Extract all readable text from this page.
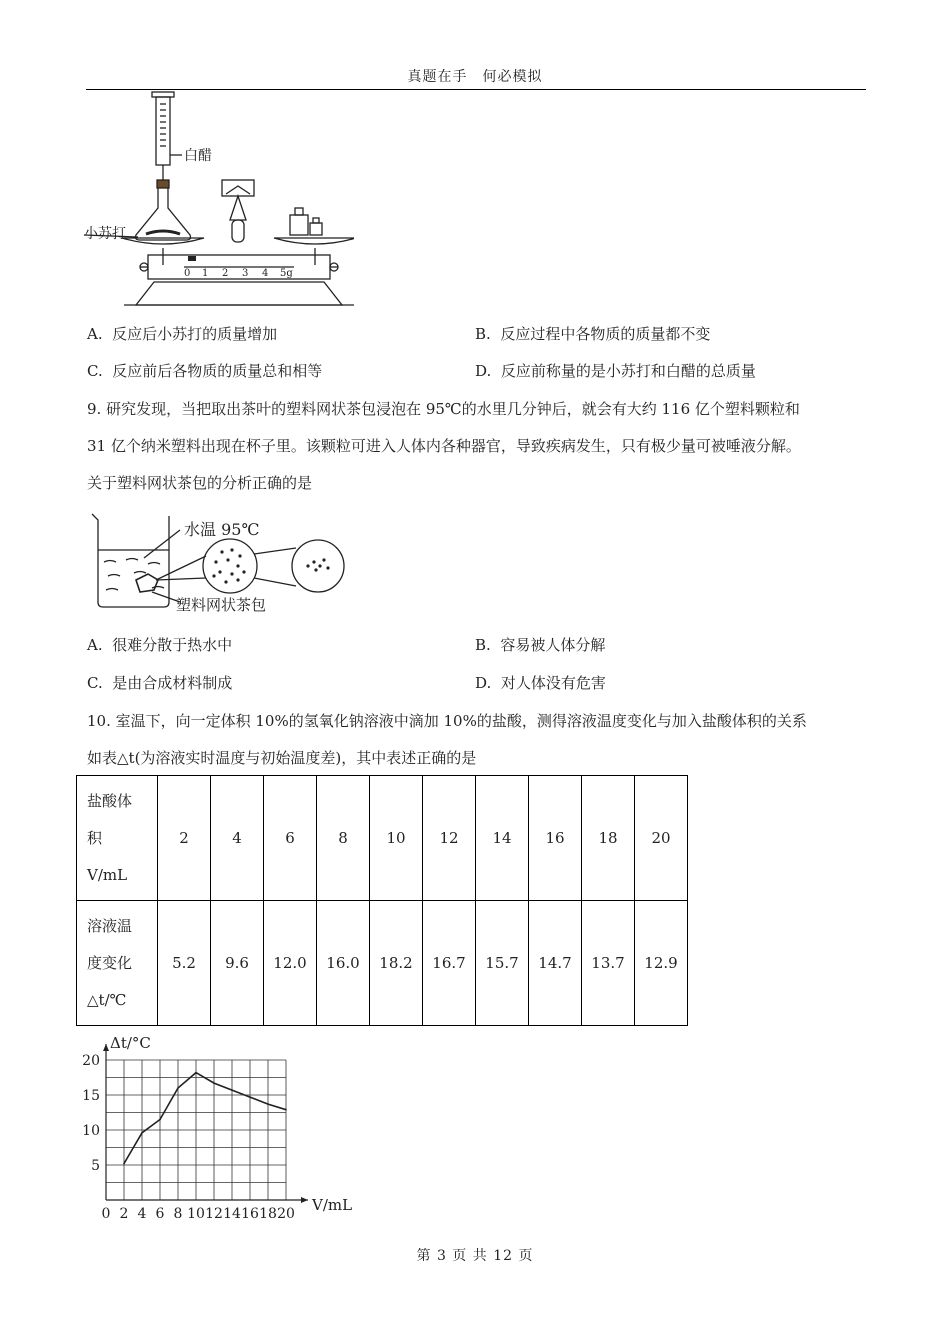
真题在手　何必模拟
小苏打
白醋
0 1 2 3 4 5g
A. 反应后小苏打的质量增加	B. 反应过程中各物质的质量都不变
C. 反应前后各物质的质量总和相等	D. 反应前称量的是小苏打和白醋的总质量
9. 研究发现，当把取出茶叶的塑料网状茶包浸泡在 95℃的水里几分钟后，就会有大约 116 亿个塑料颗粒和
31 亿个纳米塑料出现在杯子里。该颗粒可进入人体内各种器官，导致疾病发生，只有极少量可被唾液分解。
关于塑料网状茶包的分析正确的是
水温 95℃
塑料网状茶包
A. 很难分散于热水中	B. 容易被人体分解
C. 是由合成材料制成	D. 对人体没有危害
10. 室温下，向一定体积 10%的氢氧化钠溶液中滴加 10%的盐酸，测得溶液温度变化与加入盐酸体积的关系
如表△t(为溶液实时温度与初始温度差)，其中表述正确的是
盐酸体
积
V/mL	2	4	6	8	10	12	14	16	18	20

溶液温
度变化
△t/℃	5.2	9.6	12.0	16.0	18.2	16.7	15.7	14.7	13.7	12.9
0 2 4 6 8 10 12 14 16 18 20
5
10
15
20
Δt/°C
V/mL
第 3 页 共 12 页
